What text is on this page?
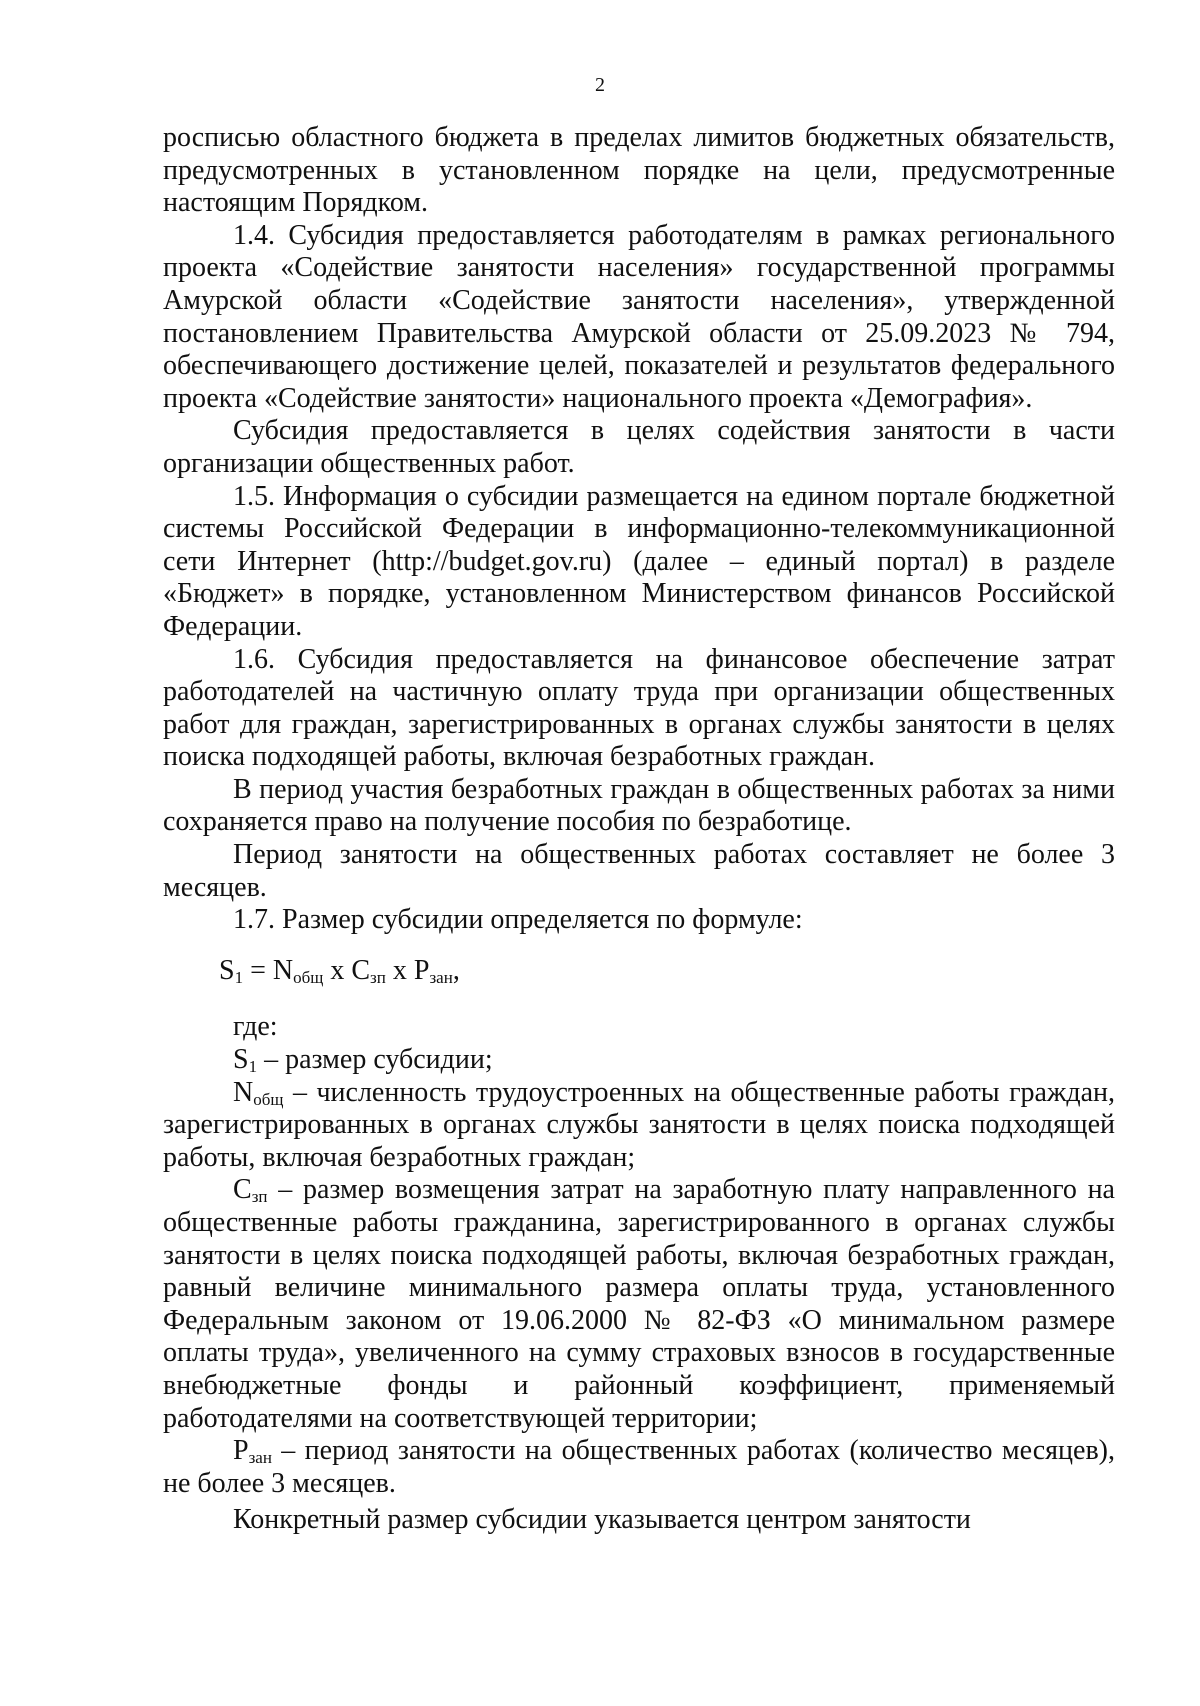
2

росписью областного бюджета в пределах лимитов бюджетных обязательств, предусмотренных в установленном порядке на цели, предусмотренные настоящим Порядком.

1.4. Субсидия предоставляется работодателям в рамках регионального проекта «Содействие занятости населения» государственной программы Амурской области «Содействие занятости населения», утвержденной постановлением Правительства Амурской области от 25.09.2023 № 794, обеспечивающего достижение целей, показателей и результатов федерального проекта «Содействие занятости» национального проекта «Демография».

Субсидия предоставляется в целях содействия занятости в части организации общественных работ.

1.5. Информация о субсидии размещается на едином портале бюджетной системы Российской Федерации в информационно-телекоммуникационной сети Интернет (http://budget.gov.ru) (далее – единый портал) в разделе «Бюджет» в порядке, установленном Министерством финансов Российской Федерации.

1.6. Субсидия предоставляется на финансовое обеспечение затрат работодателей на частичную оплату труда при организации общественных работ для граждан, зарегистрированных в органах службы занятости в целях поиска подходящей работы, включая безработных граждан.

В период участия безработных граждан в общественных работах за ними сохраняется право на получение пособия по безработице.

Период занятости на общественных работах составляет не более 3 месяцев.

1.7. Размер субсидии определяется по формуле:

$S_1 = N_{общ}$ x $C_{зп}$ x $P_{зан}$,

где:

$S_1$ – размер субсидии;

$N_{общ}$ – численность трудоустроенных на общественные работы граждан, зарегистрированных в органах службы занятости в целях поиска подходящей работы, включая безработных граждан;

$С_{зп}$ – размер возмещения затрат на заработную плату направленного на общественные работы гражданина, зарегистрированного в органах службы занятости в целях поиска подходящей работы, включая безработных граждан, равный величине минимального размера оплаты труда, установленного Федеральным законом от 19.06.2000 № 82-ФЗ «О минимальном размере оплаты труда», увеличенного на сумму страховых взносов в государственные внебюджетные фонды и районный коэффициент, применяемый работодателями на соответствующей территории;

$Р_{зан}$ – период занятости на общественных работах (количество месяцев), не более 3 месяцев.

Конкретный размер субсидии указывается центром занятости
